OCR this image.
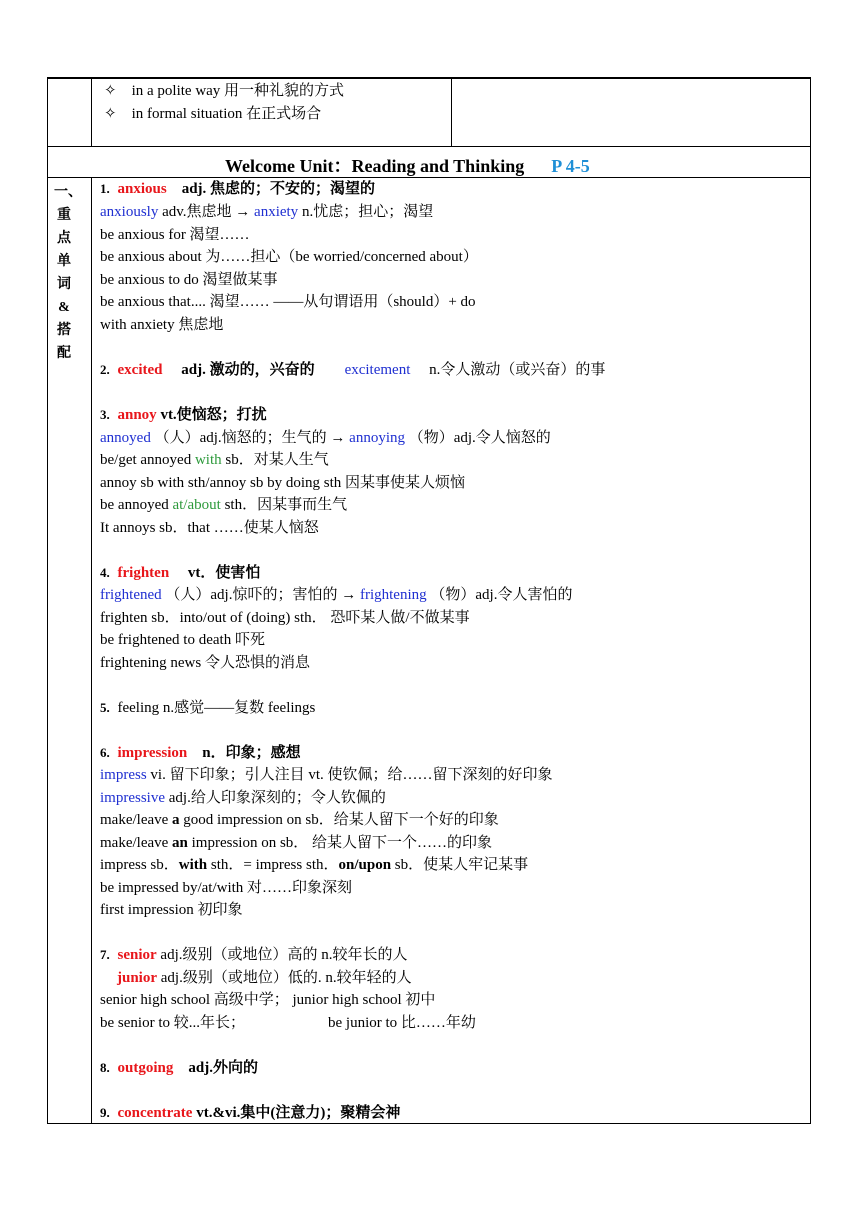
✧ in a polite way 用一种礼貌的方式
✧ in formal situation 在正式场合
Welcome Unit：Reading and Thinking P 4-5
一、
重
点
单
词
&
搭
配
1. anxious adj. 焦虑的；不安的；渴望的
anxiously adv.焦虑地 → anxiety n.忧虑；担心；渴望
be anxious for 渴望……
be anxious about 为……担心（be worried/concerned about）
be anxious to do 渴望做某事
be anxious that.... 渴望…… ——从句谓语用（should）+ do
with anxiety 焦虑地
2. excited adj. 激动的，兴奋的 excitement n.令人激动（或兴奋）的事
3. annoy vt.使恼怒；打扰
annoyed （人）adj.恼怒的；生气的 → annoying （物）adj.令人恼怒的
be/get annoyed with sb．对某人生气
annoy sb with sth/annoy sb by doing sth 因某事使某人烦恼
be annoyed at/about sth．因某事而生气
It annoys sb．that ……使某人恼怒
4. frighten vt．使害怕
frightened （人）adj.惊吓的；害怕的 → frightening （物）adj.令人害怕的
frighten sb．into/out of (doing) sth． 恐吓某人做/不做某事
be frightened to death 吓死
frightening news 令人恐惧的消息
5. feeling n.感觉——复数 feelings
6. impression n．印象；感想
impress vi. 留下印象；引人注目 vt. 使钦佩；给……留下深刻的好印象
impressive adj.给人印象深刻的；令人钦佩的
make/leave a good impression on sb．给某人留下一个好的印象
make/leave an impression on sb． 给某人留下一个……的印象
impress sb．with sth．= impress sth．on/upon sb．使某人牢记某事
be impressed by/at/with 对……印象深刻
first impression 初印象
7. senior adj.级别（或地位）高的 n.较年长的人
junior adj.级别（或地位）低的. n.较年轻的人
senior high school 高级中学； junior high school 初中
be senior to 较...年长；	be junior to 比……年幼
8. outgoing adj.外向的
9. concentrate vt.&vi.集中(注意力)；聚精会神
